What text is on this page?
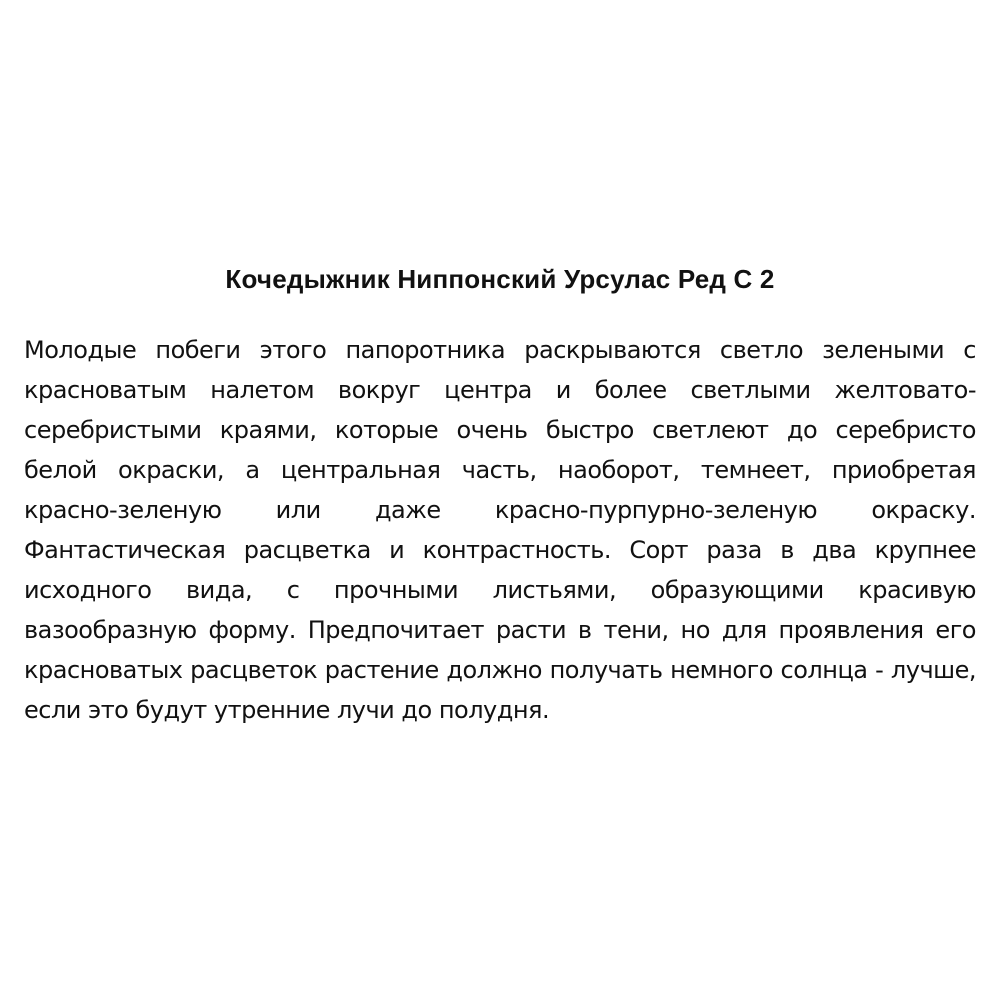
Кочедыжник Ниппонский Урсулас Ред С 2

Молодые побеги этого папоротника раскрываются светло зелеными с красноватым налетом вокруг центра и более светлыми желтовато-серебристыми краями, которые очень быстро светлеют до серебристо белой окраски, а центральная часть, наоборот, темнеет, приобретая красно-зеленую или даже красно-пурпурно-зеленую окраску. Фантастическая расцветка и контрастность. Сорт раза в два крупнее исходного вида, с прочными листьями, образующими красивую вазообразную форму. Предпочитает расти в тени, но для проявления его красноватых расцветок растение должно получать немного солнца - лучше, если это будут утренние лучи до полудня.
